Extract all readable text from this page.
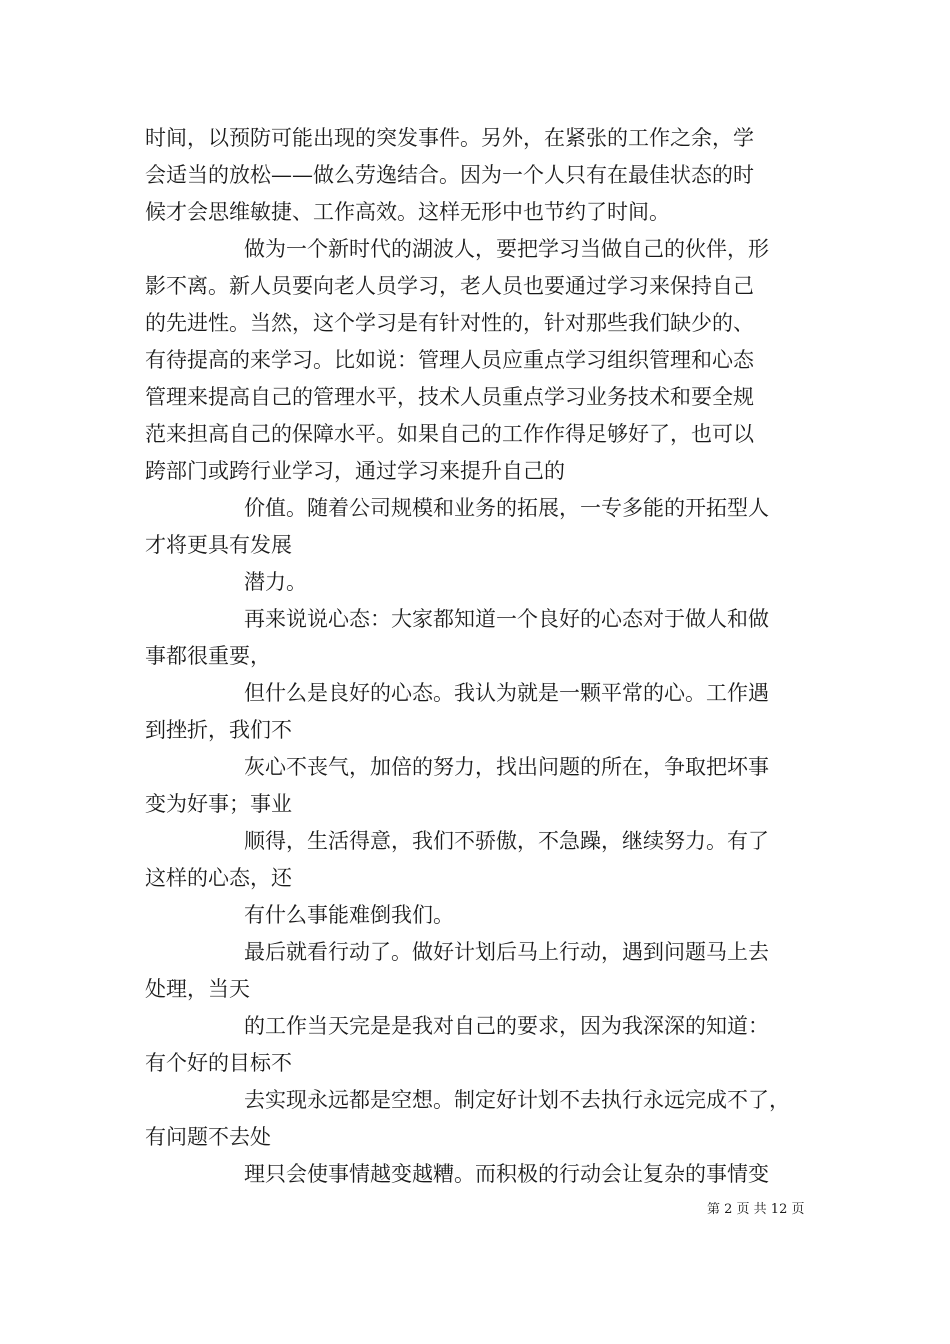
时间，以预防可能出现的突发事件。另外，在紧张的工作之余，学
会适当的放松——做么劳逸结合。因为一个人只有在最佳状态的时
候才会思维敏捷、工作高效。这样无形中也节约了时间。
做为一个新时代的湖波人，要把学习当做自己的伙伴，形
影不离。新人员要向老人员学习，老人员也要通过学习来保持自己
的先进性。当然，这个学习是有针对性的，针对那些我们缺少的、
有待提高的来学习。比如说：管理人员应重点学习组织管理和心态
管理来提高自己的管理水平，技术人员重点学习业务技术和要全规
范来担高自己的保障水平。如果自己的工作作得足够好了，也可以
跨部门或跨行业学习，通过学习来提升自己的
价值。随着公司规模和业务的拓展，一专多能的开拓型人
才将更具有发展
潜力。
再来说说心态：大家都知道一个良好的心态对于做人和做
事都很重要，
但什么是良好的心态。我认为就是一颗平常的心。工作遇
到挫折，我们不
灰心不丧气，加倍的努力，找出问题的所在，争取把坏事
变为好事；事业
顺得，生活得意，我们不骄傲，不急躁，继续努力。有了
这样的心态，还
有什么事能难倒我们。
最后就看行动了。做好计划后马上行动，遇到问题马上去
处理，当天
的工作当天完是是我对自己的要求，因为我深深的知道：
有个好的目标不
去实现永远都是空想。制定好计划不去执行永远完成不了，
有问题不去处
理只会使事情越变越糟。而积极的行动会让复杂的事情变
第 2 页 共 12 页
